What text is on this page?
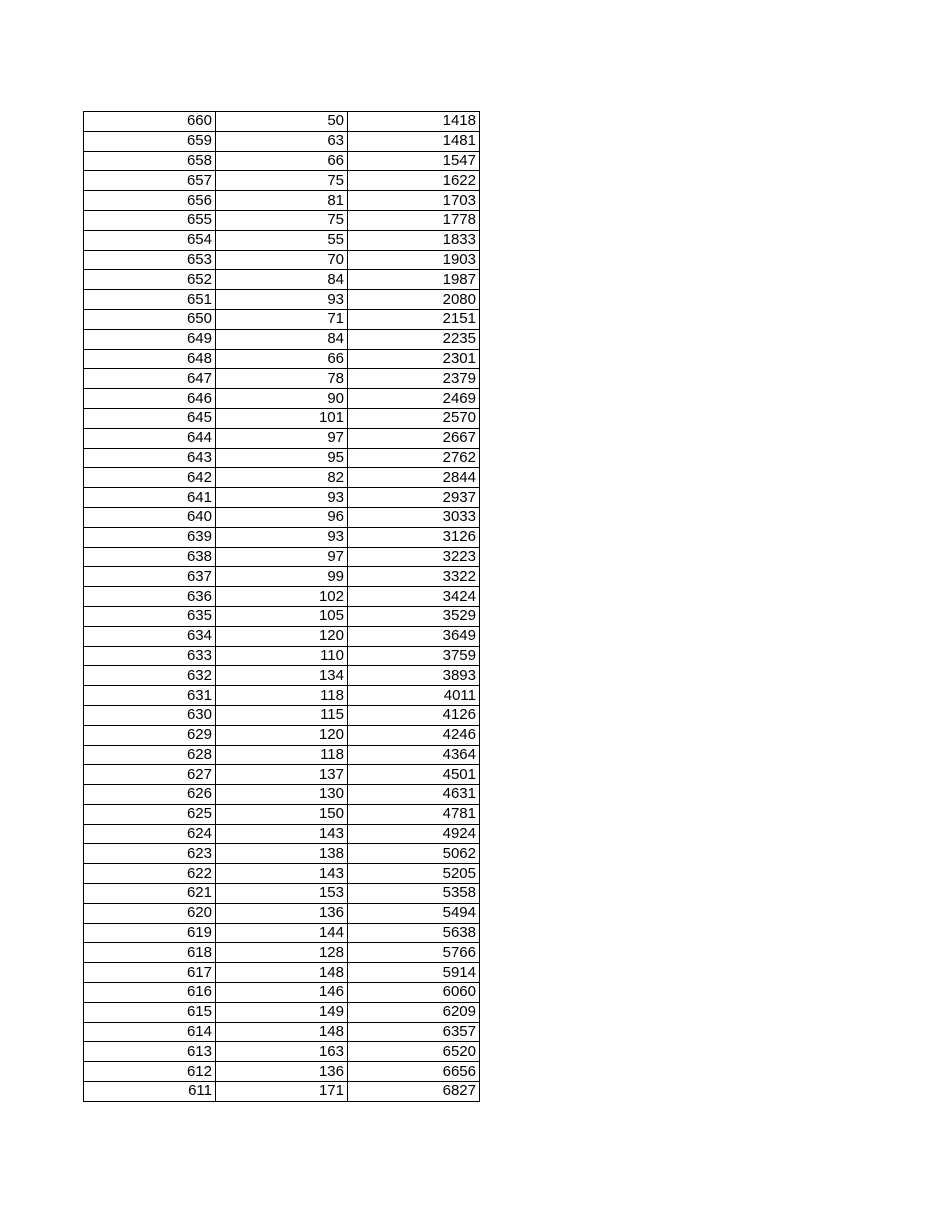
660	50	1418
659	63	1481
658	66	1547
657	75	1622
656	81	1703
655	75	1778
654	55	1833
653	70	1903
652	84	1987
651	93	2080
650	71	2151
649	84	2235
648	66	2301
647	78	2379
646	90	2469
645	101	2570
644	97	2667
643	95	2762
642	82	2844
641	93	2937
640	96	3033
639	93	3126
638	97	3223
637	99	3322
636	102	3424
635	105	3529
634	120	3649
633	110	3759
632	134	3893
631	118	4011
630	115	4126
629	120	4246
628	118	4364
627	137	4501
626	130	4631
625	150	4781
624	143	4924
623	138	5062
622	143	5205
621	153	5358
620	136	5494
619	144	5638
618	128	5766
617	148	5914
616	146	6060
615	149	6209
614	148	6357
613	163	6520
612	136	6656
611	171	6827
